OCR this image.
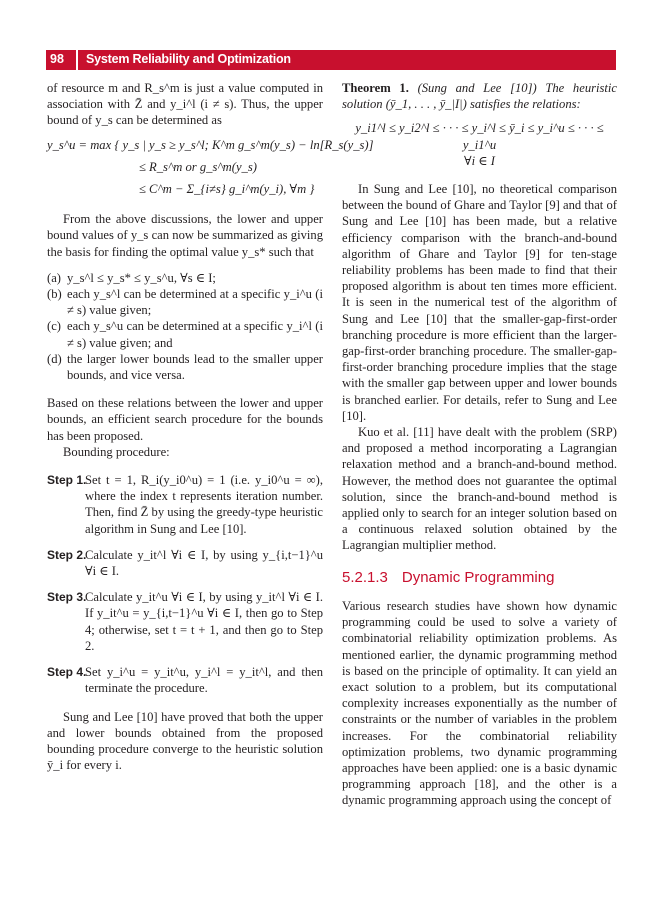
98 System Reliability and Optimization

of resource m and R_s^m is just a value computed in association with Z̄ and y_i^l (i ≠ s). Thus, the upper bound of y_s can be determined as

y_s^u = max { y_s | y_s ≥ y_s^l; K^m g_s^m(y_s) − ln[R_s(y_s)]
≤ R_s^m or g_s^m(y_s)
≤ C^m − Σ_{i≠s} g_i^m(y_i), ∀m }

From the above discussions, the lower and upper bound values of y_s can now be summarized as giving the basis for finding the optimal value y_s* such that

(a) y_s^l ≤ y_s* ≤ y_s^u, ∀s ∈ I;
(b) each y_s^l can be determined at a specific y_i^u (i ≠ s) value given;
(c) each y_s^u can be determined at a specific y_i^l (i ≠ s) value given; and
(d) the larger lower bounds lead to the smaller upper bounds, and vice versa.

Based on these relations between the lower and upper bounds, an efficient search procedure for the bounds has been proposed.

Bounding procedure:

Step 1.
Set t = 1, R_i(y_i0^u) = 1 (i.e. y_i0^u = ∞), where the index t represents iteration number. Then, find Z̄ by using the greedy-type heuristic algorithm in Sung and Lee [10].
Step 2.
Calculate y_it^l ∀i ∈ I, by using y_{i,t−1}^u ∀i ∈ I.
Step 3.
Calculate y_it^u ∀i ∈ I, by using y_it^l ∀i ∈ I. If y_it^u = y_{i,t−1}^u ∀i ∈ I, then go to Step 4; otherwise, set t = t + 1, and then go to Step 2.
Step 4.
Set y_i^u = y_it^u, y_i^l = y_it^l, and then terminate the procedure.

Sung and Lee [10] have proved that both the upper and lower bounds obtained from the proposed bounding procedure converge to the heuristic solution ȳ_i for every i.

Theorem 1. (Sung and Lee [10]) The heuristic solution (ȳ_1, . . . , ȳ_|I|) satisfies the relations:

y_i1^l ≤ y_i2^l ≤ · · · ≤ y_i^l ≤ ȳ_i ≤ y_i^u ≤ · · · ≤ y_i1^u
∀i ∈ I

In Sung and Lee [10], no theoretical comparison between the bound of Ghare and Taylor [9] and that of Sung and Lee [10] has been made, but a relative efficiency comparison with the branch-and-bound algorithm of Ghare and Taylor [9] for ten-stage reliability problems has been made to find that their proposed algorithm is about ten times more efficient. It is seen in the numerical test of the algorithm of Sung and Lee [10] that the smaller-gap-first-order branching procedure is more efficient than the larger-gap-first-order branching procedure. The smaller-gap-first-order branching procedure implies that the stage with the smaller gap between upper and lower bounds is branched earlier. For details, refer to Sung and Lee [10].

Kuo et al. [11] have dealt with the problem (SRP) and proposed a method incorporating a Lagrangian relaxation method and a branch-and-bound method. However, the method does not guarantee the optimal solution, since the branch-and-bound method is applied only to search for an integer solution based on a continuous relaxed solution obtained by the Lagrangian multiplier method.

5.2.1.3 Dynamic Programming

Various research studies have shown how dynamic programming could be used to solve a variety of combinatorial reliability optimization problems. As mentioned earlier, the dynamic programming method is based on the principle of optimality. It can yield an exact solution to a problem, but its computational complexity increases exponentially as the number of constraints or the number of variables in the problem increases. For the combinatorial reliability optimization problems, two dynamic programming approaches have been applied: one is a basic dynamic programming approach [18], and the other is a dynamic programming approach using the concept of
